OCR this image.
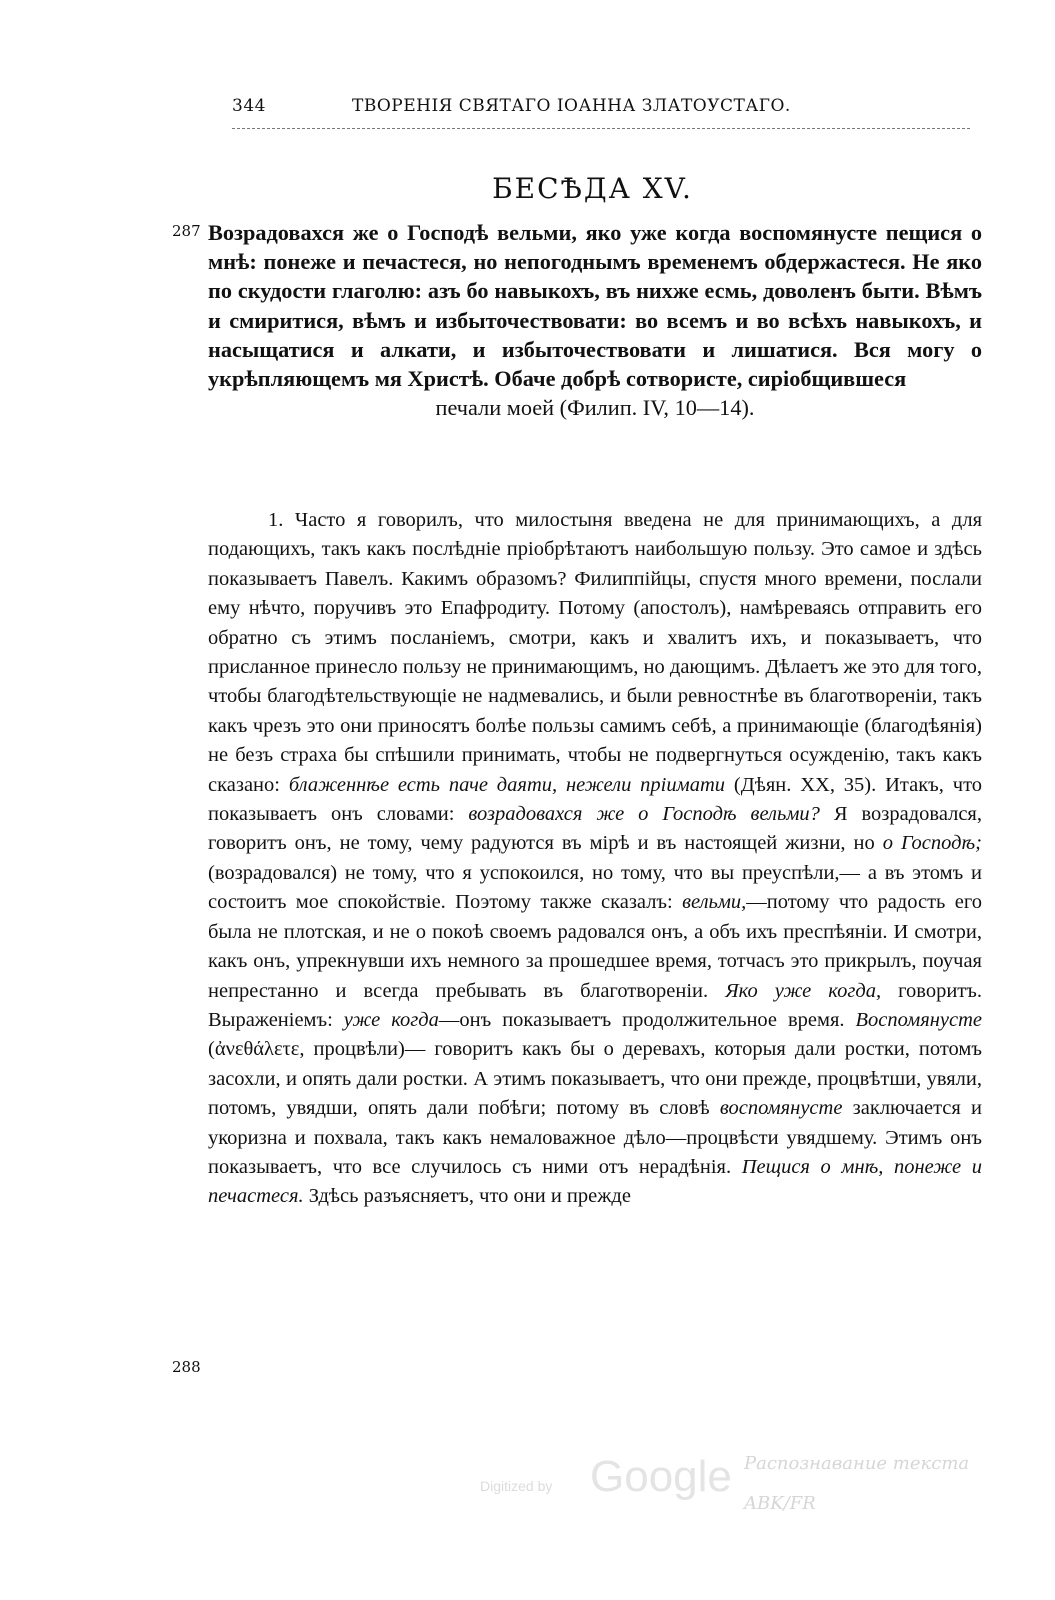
344	ТВОРЕНІЯ СВЯТАГО ІОАННА ЗЛАТОУСТАГО.
БЕСѢДА XV.
287
288
Возрадовахся же о Господѣ вельми, яко уже когда воспомянусте пещися о мнѣ: понеже и печастеся, но непогоднымъ временемъ обдержастеся. Не яко по скудости глаголю: азъ бо навыкохъ, въ нихже есмь, доволенъ быти. Вѣмъ и смиритися, вѣмъ и избыточествовати: во всемъ и во всѣхъ навыкохъ, и насыщатися и алкати, и избыточествовати и лишатися. Вся могу о укрѣпляющемъ мя Христѣ. Обаче добрѣ сотвористе, сиріобщившеся
печали моей (Филип. IV, 10—14).
1. Часто я говорилъ, что милостыня введена не для принимающихъ, а для подающихъ, такъ какъ послѣдніе пріобрѣтаютъ наибольшую пользу. Это самое и здѣсь показываетъ Павелъ. Какимъ образомъ? Филиппійцы, спустя много времени, послали ему нѣчто, поручивъ это Епафродиту. Потому (апостолъ), намѣреваясь отправить его обратно съ этимъ посланіемъ, смотри, какъ и хвалитъ ихъ, и показываетъ, что присланное принесло пользу не принимающимъ, но дающимъ. Дѣлаетъ же это для того, чтобы благодѣтельствующіе не надмевались, и были ревностнѣе въ благотвореніи, такъ какъ чрезъ это они приносятъ болѣе пользы самимъ себѣ, а принимающіе (благодѣянія) не безъ страха бы спѣшили принимать, чтобы не подвергнуться осужденію, такъ какъ сказано: блаженнѣе есть паче даяти, нежели пріимати (Дѣян. XX, 35). Итакъ, что показываетъ онъ словами: возрадовахся же о Господѣ вельми? Я возрадовался, говоритъ онъ, не тому, чему радуются въ мірѣ и въ настоящей жизни, но о Господѣ; (возрадовался) не тому, что я успокоился, но тому, что вы преуспѣли,— а въ этомъ и состоитъ мое спокойствіе. Поэтому также сказалъ: вельми,—потому что радость его была не плотская, и не о покоѣ своемъ радовался онъ, а объ ихъ преспѣяніи. И смотри, какъ онъ, упрекнувши ихъ немного за прошедшее время, тотчасъ это прикрылъ, поучая непрестанно и всегда пребывать въ благотвореніи. Яко уже когда, говоритъ. Выраженіемъ: уже когда—онъ показываетъ продолжительное время. Воспомянусте (ἀνεθάλετε, процвѣли)— говоритъ какъ бы о деревахъ, которыя дали ростки, потомъ засохли, и опять дали ростки. А этимъ показываетъ, что они прежде, процвѣтши, увяли, потомъ, увядши, опять дали побѣги; потому въ словѣ воспомянусте заключается и укоризна и похвала, такъ какъ немаловажное дѣло—процвѣсти увядшему. Этимъ онъ показываетъ, что все случилось съ ними отъ нерадѣнія. Пещися о мнѣ, понеже и печастеся. Здѣсь разъясняетъ, что они и прежде
Digitized by Google Распознавание текста ABK/FR
